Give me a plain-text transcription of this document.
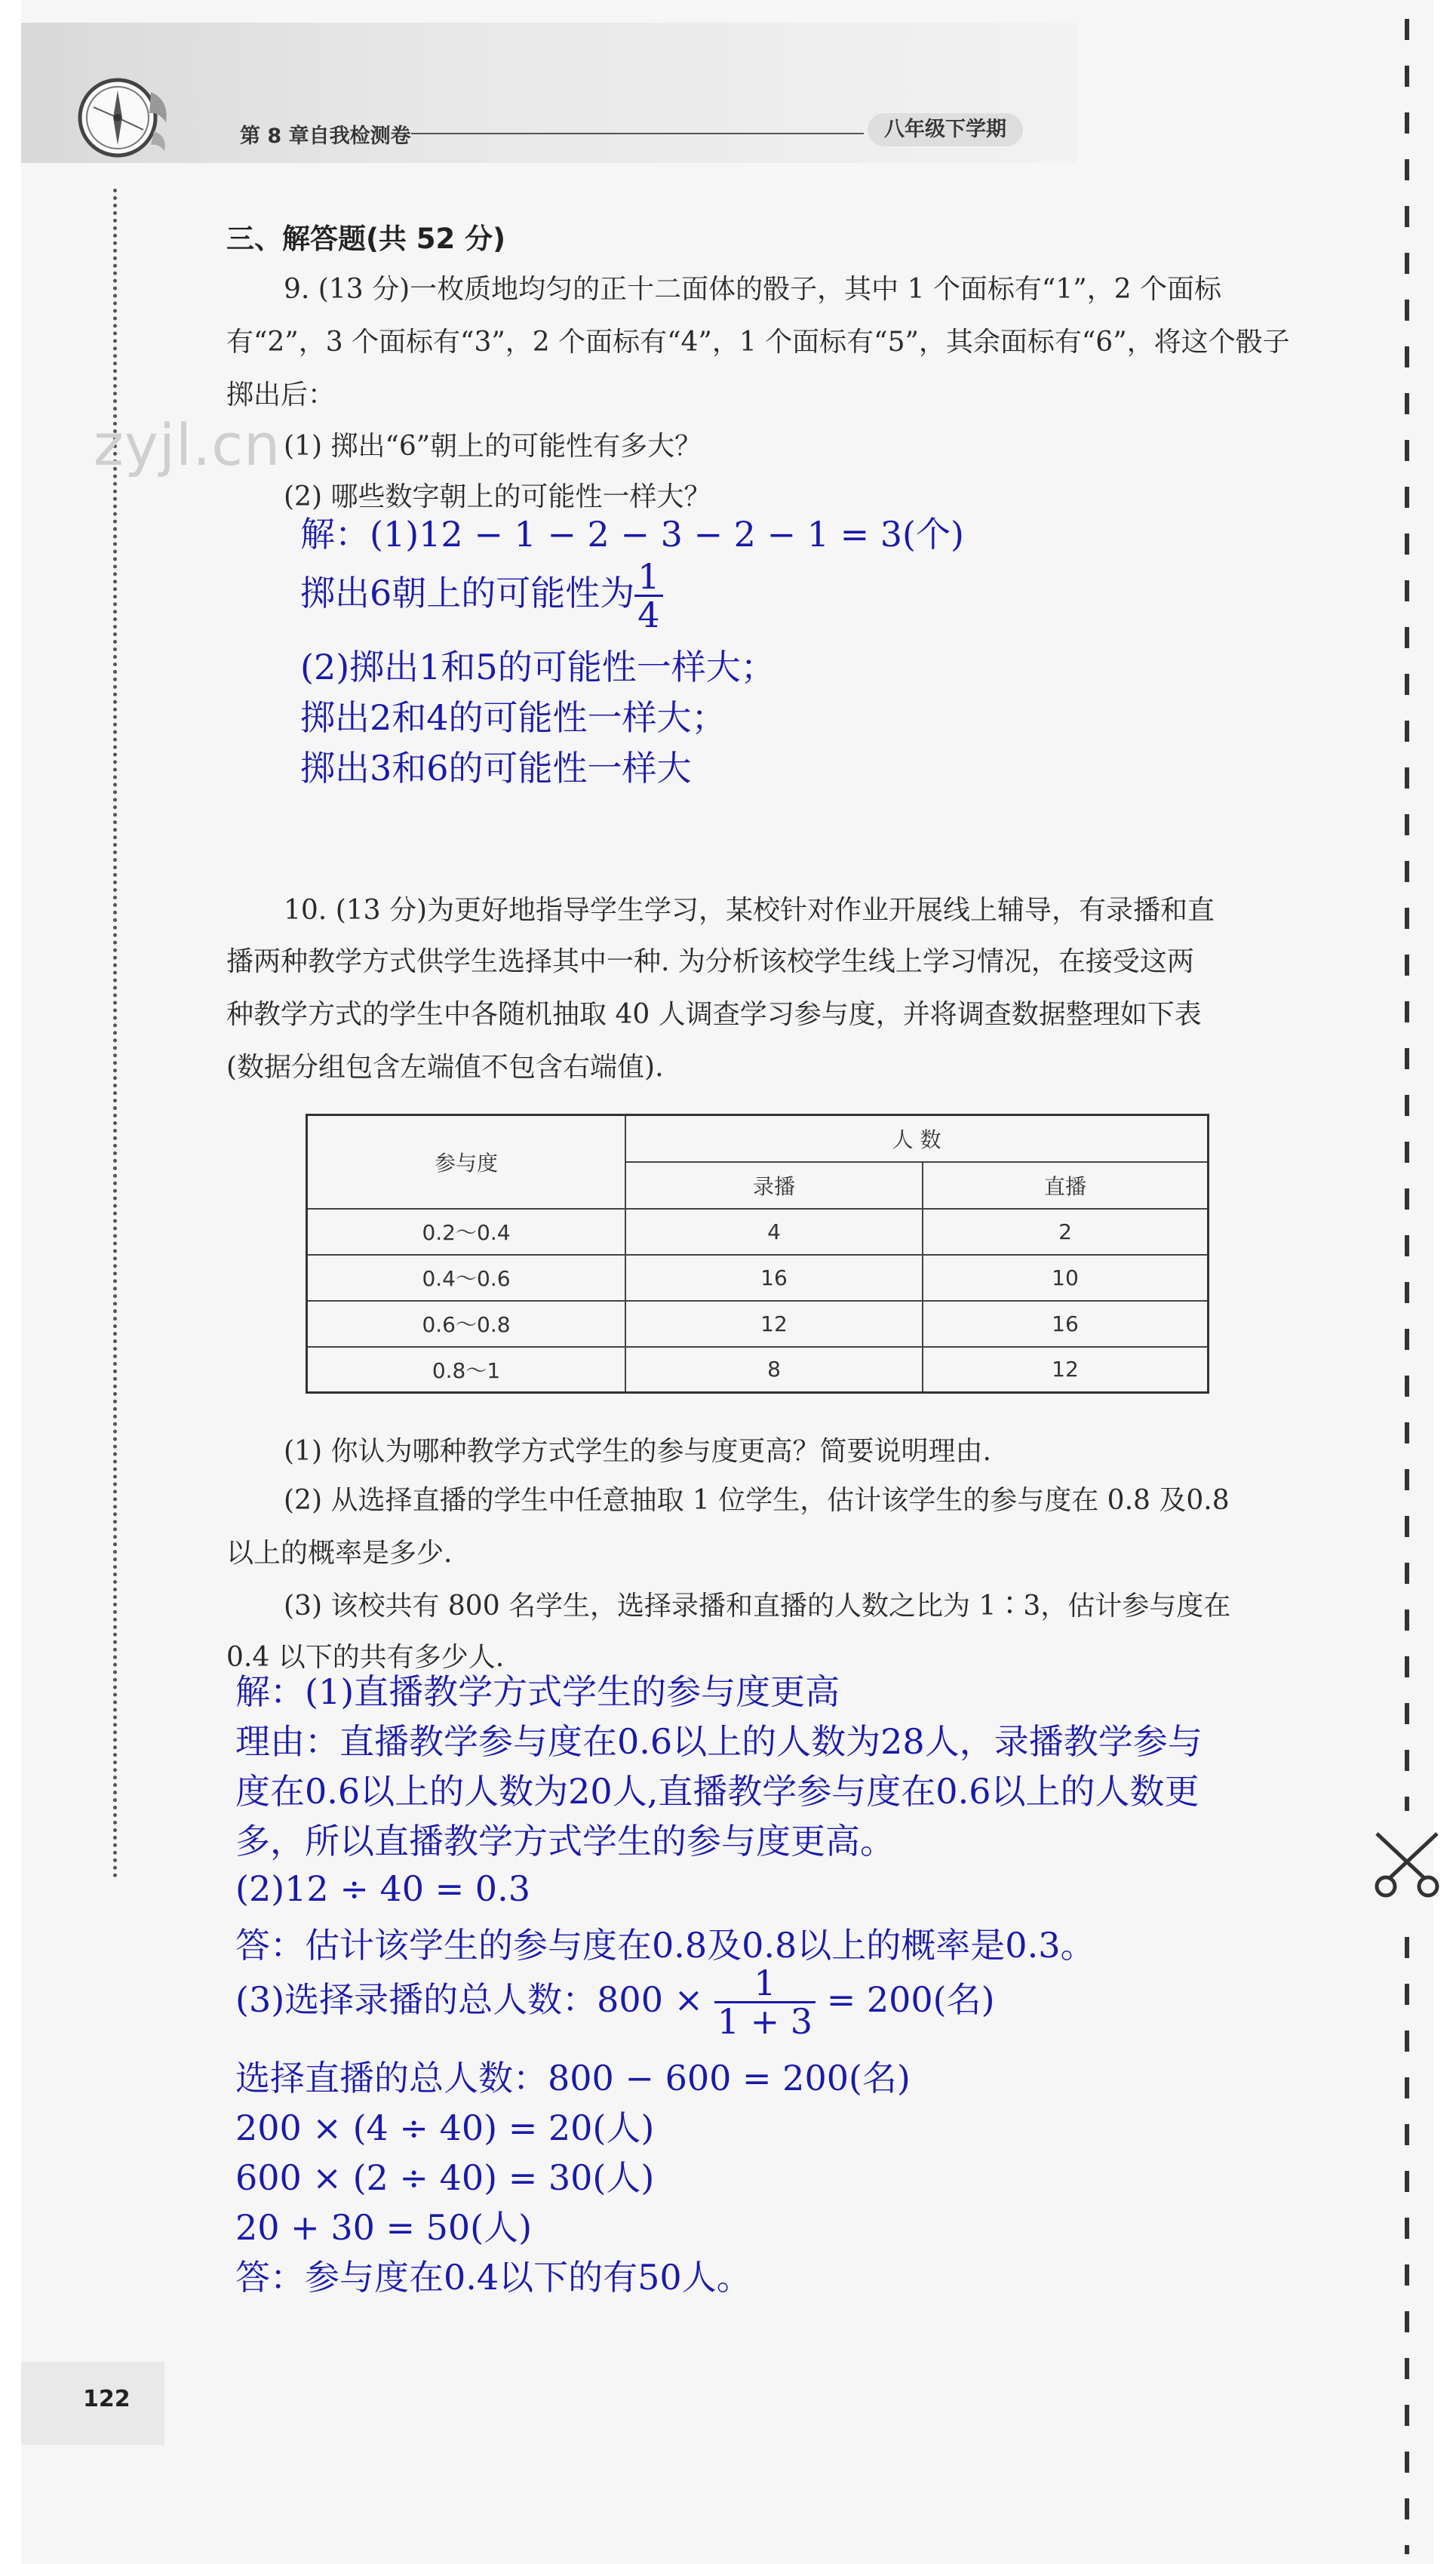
第 8 章自我检测卷	八年级下学期
zyjl.cn
三、解答题(共 52 分)
9. (13 分)一枚质地均匀的正十二面体的骰子，其中 1 个面标有“1”，2 个面标
有“2”，3 个面标有“3”，2 个面标有“4”，1 个面标有“5”，其余面标有“6”，将这个骰子
掷出后：
(1) 掷出“6”朝上的可能性有多大？
(2) 哪些数字朝上的可能性一样大？
解：(1)12 − 1 − 2 − 3 − 2 − 1 = 3(个)
掷出6朝上的可能性为 $\frac{1}{4}$
(2)掷出1和5的可能性一样大；
掷出2和4的可能性一样大；
掷出3和6的可能性一样大
10. (13 分)为更好地指导学生学习，某校针对作业开展线上辅导，有录播和直
播两种教学方式供学生选择其中一种. 为分析该校学生线上学习情况，在接受这两
种教学方式的学生中各随机抽取 40 人调查学习参与度，并将调查数据整理如下表
(数据分组包含左端值不包含右端值).
参与度	人 数	
	录播	直播
0.2～0.4	4	2
0.4～0.6	16	10
0.6～0.8	12	16
0.8～1	8	12
(1) 你认为哪种教学方式学生的参与度更高？简要说明理由.
(2) 从选择直播的学生中任意抽取 1 位学生，估计该学生的参与度在 0.8 及0.8
以上的概率是多少.
(3) 该校共有 800 名学生，选择录播和直播的人数之比为 1∶3，估计参与度在
0.4 以下的共有多少人.
解：(1)直播教学方式学生的参与度更高
理由：直播教学参与度在0.6以上的人数为28人，录播教学参与
度在0.6以上的人数为20人,直播教学参与度在0.6以上的人数更
多，所以直播教学方式学生的参与度更高。
(2)12 ÷ 40 = 0.3
答：估计该学生的参与度在0.8及0.8以上的概率是0.3。
(3)选择录播的总人数：$800 \times \frac{1}{1 + 3} = 200$(名)
选择直播的总人数：800 − 600 = 200(名)
200 × (4 ÷ 40) = 20(人)
600 × (2 ÷ 40) = 30(人)
20 + 30 = 50(人)
答：参与度在0.4以下的有50人。
122
